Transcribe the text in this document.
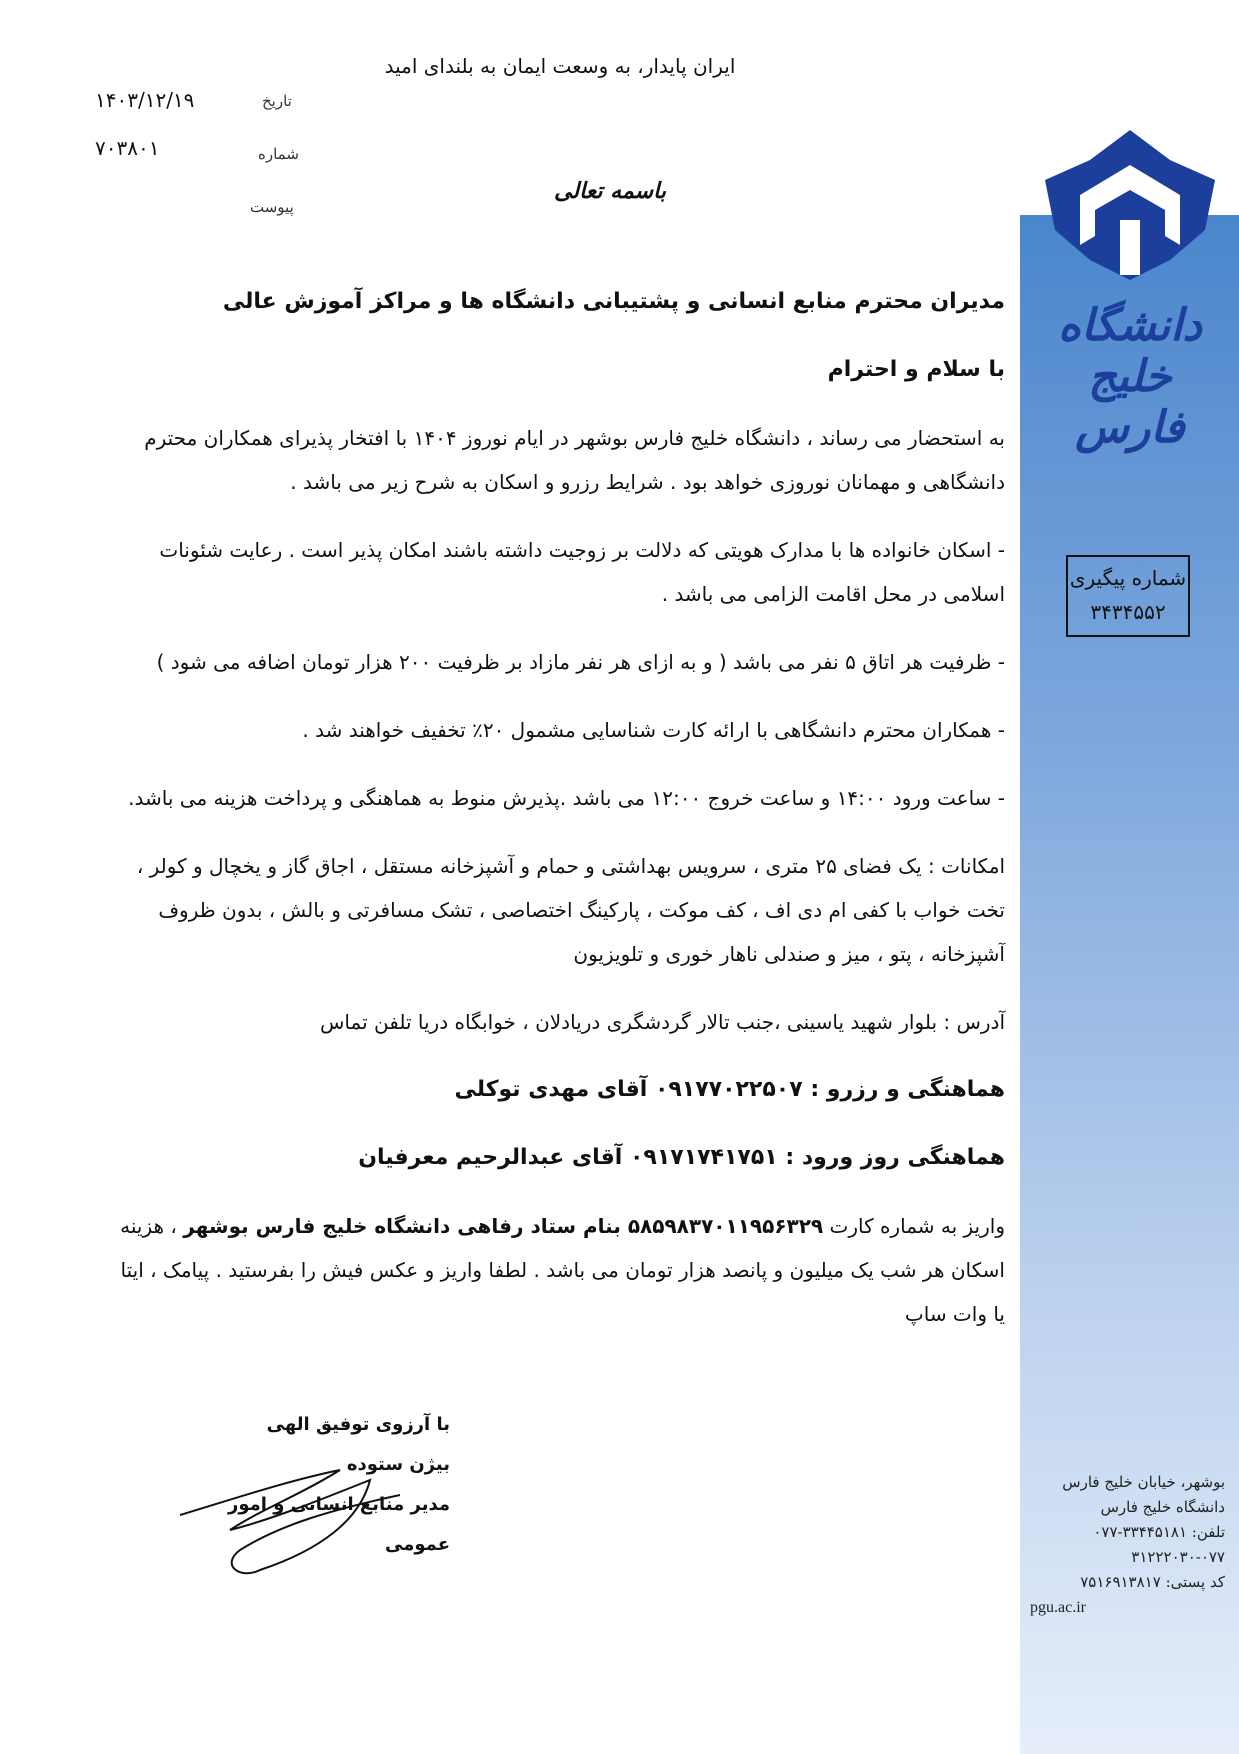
دانشگاه خلیج فارس
ایران پایدار، به وسعت ایمان به بلندای امید
تاریخ
۱۴۰۳/۱۲/۱۹
شماره
۷۰۳۸۰۱
پیوست
باسمه تعالی
شماره پیگیری
۳۴۳۴۵۵۲

مدیران محترم منابع انسانی و پشتیبانی دانشگاه ها و مراکز آموزش عالی

با سلام و احترام

به استحضار می رساند ، دانشگاه خلیج فارس بوشهر در ایام نوروز ۱۴۰۴ با افتخار پذیرای همکاران محترم دانشگاهی و مهمانان نوروزی خواهد بود . شرایط رزرو و اسکان به شرح زیر می باشد .

- اسکان خانواده ها با مدارک هویتی که دلالت بر زوجیت داشته باشند امکان پذیر است . رعایت شئونات اسلامی در محل اقامت الزامی می باشد .

- ظرفیت هر اتاق ۵ نفر می باشد ( و به ازای هر نفر مازاد بر ظرفیت ۲۰۰ هزار تومان اضافه می شود )

- همکاران محترم دانشگاهی با ارائه کارت شناسایی مشمول ۲۰٪ تخفیف خواهند شد .

- ساعت ورود ۱۴:۰۰ و ساعت خروج ۱۲:۰۰ می باشد .پذیرش منوط به هماهنگی و پرداخت هزینه می باشد.

امکانات : یک فضای ۲۵ متری ، سرویس بهداشتی و حمام و آشپزخانه مستقل ، اجاق گاز و یخچال و کولر ، تخت خواب با کفی ام دی اف ، کف موکت ، پارکینگ اختصاصی ، تشک مسافرتی و بالش ، بدون ظروف آشپزخانه ، پتو ، میز و صندلی ناهار خوری و تلویزیون

آدرس : بلوار شهید یاسینی ،جنب تالار گردشگری دریادلان ، خوابگاه دریا تلفن تماس

هماهنگی و رزرو : ۰۹۱۷۷۰۲۲۵۰۷ آقای مهدی توکلی

هماهنگی روز ورود : ۰۹۱۷۱۷۴۱۷۵۱ آقای عبدالرحیم معرفیان

واریز به شماره کارت ۵۸۵۹۸۳۷۰۱۱۹۵۶۳۲۹ بنام ستاد رفاهی دانشگاه خلیج فارس بوشهر ، هزینه اسکان هر شب یک میلیون و پانصد هزار تومان می باشد . لطفا واریز و عکس فیش را بفرستید . پیامک ، ایتا یا وات ساپ

با آرزوی توفیق الهی
بیژن ستوده
مدیر منابع انسانی و امور عمومی
بوشهر، خیابان خلیج فارس
دانشگاه خلیج فارس
تلفن: ۳۳۴۴۵۱۸۱-۰۷۷
۳۱۲۲۲۰۳۰-۰۷۷
کد پستی: ۷۵۱۶۹۱۳۸۱۷
pgu.ac.ir
